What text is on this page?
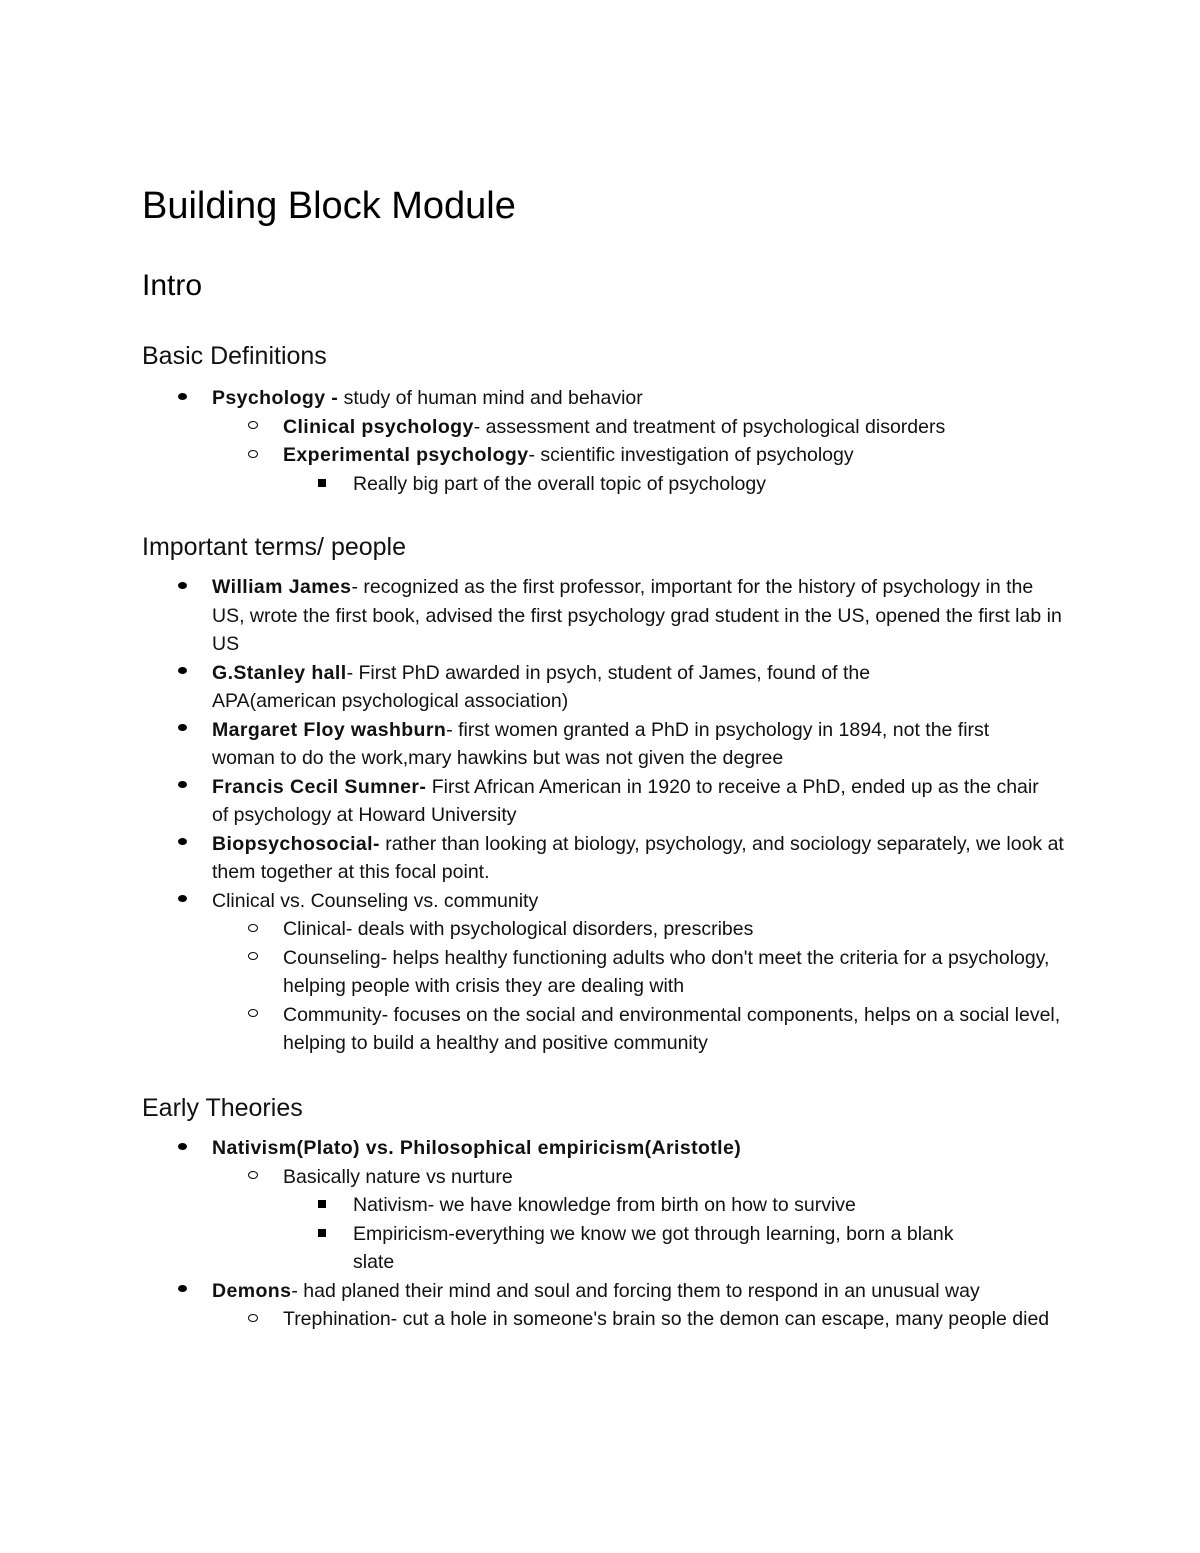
Building Block Module
Intro
Basic Definitions
Psychology - study of human mind and behavior
Clinical psychology- assessment and treatment of psychological disorders
Experimental psychology- scientific investigation of psychology
Really big part of the overall topic of psychology
Important terms/ people
William James- recognized as the first professor, important for the history of psychology in the US, wrote the first book, advised the first psychology grad student in the US, opened the first lab in US
G.Stanley hall- First PhD awarded in psych, student of James, found of the APA(american psychological association)
Margaret Floy washburn- first women granted a PhD in psychology in 1894, not the first woman to do the work,mary hawkins but was not given the degree
Francis Cecil Sumner- First African American in 1920 to receive a PhD, ended up as the chair of psychology at Howard University
Biopsychosocial- rather than looking at biology, psychology, and sociology separately, we look at them together at this focal point.
Clinical vs. Counseling vs. community
Clinical- deals with psychological disorders, prescribes
Counseling- helps healthy functioning adults who don't meet the criteria for a psychology, helping people with crisis they are dealing with
Community- focuses on the social and environmental components, helps on a social level, helping to build a healthy and positive community
Early Theories
Nativism(Plato) vs. Philosophical empiricism(Aristotle)
Basically nature vs nurture
Nativism- we have knowledge from birth on how to survive
Empiricism-everything we know we got through learning, born a blank slate
Demons- had planed their mind and soul and forcing them to respond in an unusual way
Trephination- cut a hole in someone's brain so the demon can escape, many people died
